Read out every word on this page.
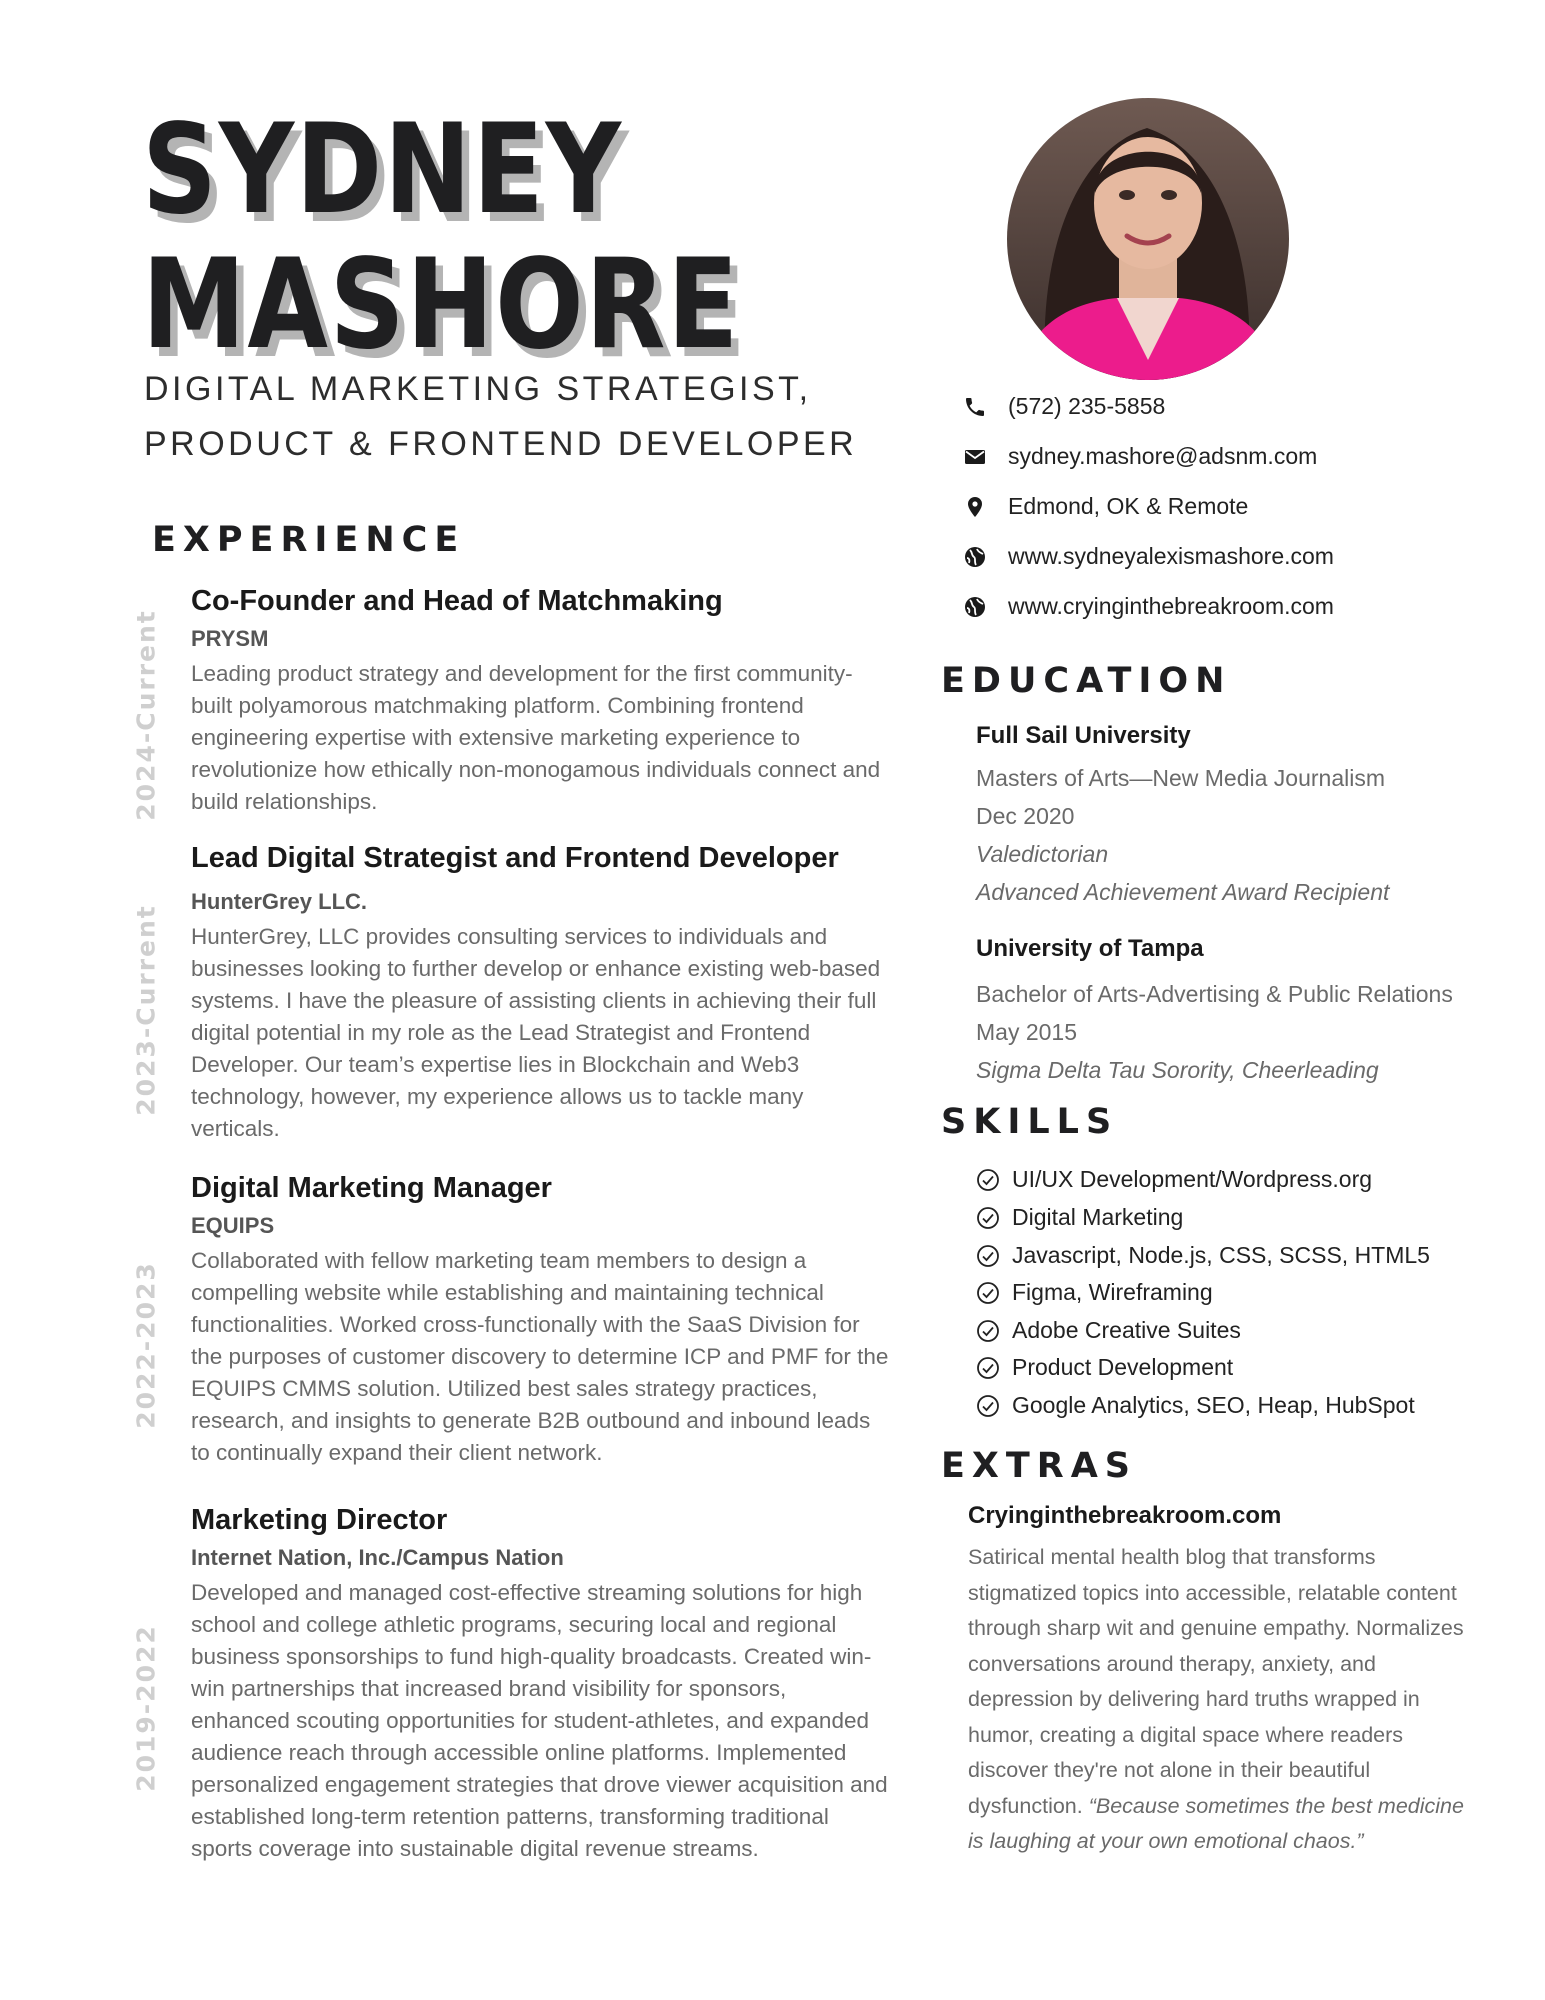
SYDNEY
MASHORE
DIGITAL MARKETING STRATEGIST,
PRODUCT & FRONTEND DEVELOPER
EXPERIENCE
2024-Current

Co-Founder and Head of Matchmaking

PRYSM

Leading product strategy and development for the first community-built polyamorous matchmaking platform. Combining frontend engineering expertise with extensive marketing experience to revolutionize how ethically non-monogamous individuals connect and build relationships.

2023-Current

Lead Digital Strategist and Frontend Developer

HunterGrey LLC.

HunterGrey, LLC provides consulting services to individuals and businesses looking to further develop or enhance existing web-based systems. I have the pleasure of assisting clients in achieving their full digital potential in my role as the Lead Strategist and Frontend Developer. Our team’s expertise lies in Blockchain and Web3 technology, however, my experience allows us to tackle many verticals.

2022-2023

Digital Marketing Manager

EQUIPS

Collaborated with fellow marketing team members to design a compelling website while establishing and maintaining technical functionalities. Worked cross-functionally with the SaaS Division for the purposes of customer discovery to determine ICP and PMF for the EQUIPS CMMS solution. Utilized best sales strategy practices, research, and insights to generate B2B outbound and inbound leads to continually expand their client network.

2019-2022

Marketing Director

Internet Nation, Inc./Campus Nation

Developed and managed cost-effective streaming solutions for high school and college athletic programs, securing local and regional business sponsorships to fund high-quality broadcasts. Created win-win partnerships that increased brand visibility for sponsors, enhanced scouting opportunities for student-athletes, and expanded audience reach through accessible online platforms. Implemented personalized engagement strategies that drove viewer acquisition and established long-term retention patterns, transforming traditional sports coverage into sustainable digital revenue streams.

(572) 235-5858
sydney.mashore@adsnm.com
Edmond, OK & Remote
www.sydneyalexismashore.com
www.cryinginthebreakroom.com
EDUCATION
Full Sail University
Masters of Arts—New Media Journalism
Dec 2020
Valedictorian
Advanced Achievement Award Recipient
University of Tampa
Bachelor of Arts-Advertising & Public Relations
May 2015
Sigma Delta Tau Sorority, Cheerleading
SKILLS
UI/UX Development/Wordpress.org
Digital Marketing
Javascript, Node.js, CSS, SCSS, HTML5
Figma, Wireframing
Adobe Creative Suites
Product Development
Google Analytics, SEO, Heap, HubSpot
EXTRAS
Cryinginthebreakroom.com

Satirical mental health blog that transforms stigmatized topics into accessible, relatable content through sharp wit and genuine empathy. Normalizes conversations around therapy, anxiety, and depression by delivering hard truths wrapped in humor, creating a digital space where readers discover they're not alone in their beautiful dysfunction. “Because sometimes the best medicine is laughing at your own emotional chaos.”
